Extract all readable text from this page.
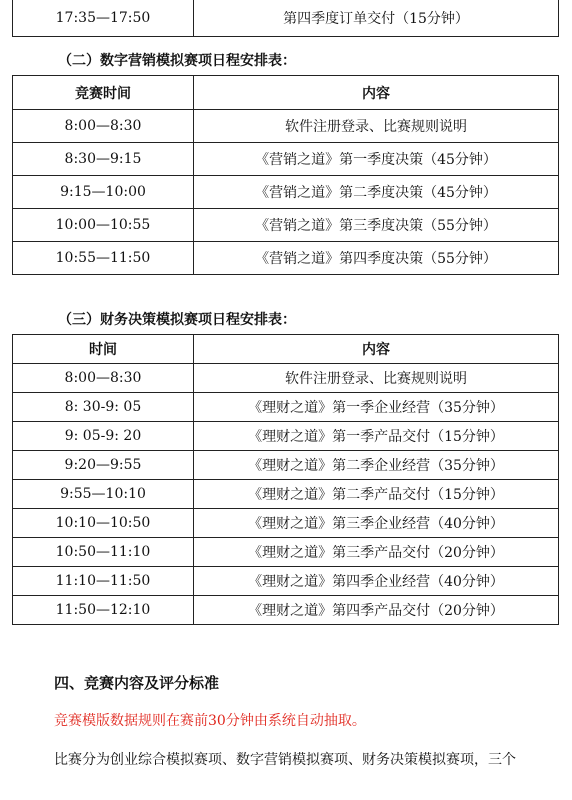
17:35—17:50	第四季度订单交付（15分钟）
（二）数字营销模拟赛项日程安排表：
竞赛时间	内容
8:00—8:30	软件注册登录、比赛规则说明
8:30—9:15	《营销之道》第一季度决策（45分钟）
9:15—10:00	《营销之道》第二季度决策（45分钟）
10:00—10:55	《营销之道》第三季度决策（55分钟）
10:55—11:50	《营销之道》第四季度决策（55分钟）
（三）财务决策模拟赛项日程安排表：
时间	内容
8:00—8:30	软件注册登录、比赛规则说明
8: 30-9: 05	《理财之道》第一季企业经营（35分钟）
9: 05-9: 20	《理财之道》第一季产品交付（15分钟）
9:20—9:55	《理财之道》第二季企业经营（35分钟）
9:55—10:10	《理财之道》第二季产品交付（15分钟）
10:10—10:50	《理财之道》第三季企业经营（40分钟）
10:50—11:10	《理财之道》第三季产品交付（20分钟）
11:10—11:50	《理财之道》第四季企业经营（40分钟）
11:50—12:10	《理财之道》第四季产品交付（20分钟）
四、竞赛内容及评分标准
竞赛模版数据规则在赛前30分钟由系统自动抽取。
比赛分为创业综合模拟赛项、数字营销模拟赛项、财务决策模拟赛项，三个
